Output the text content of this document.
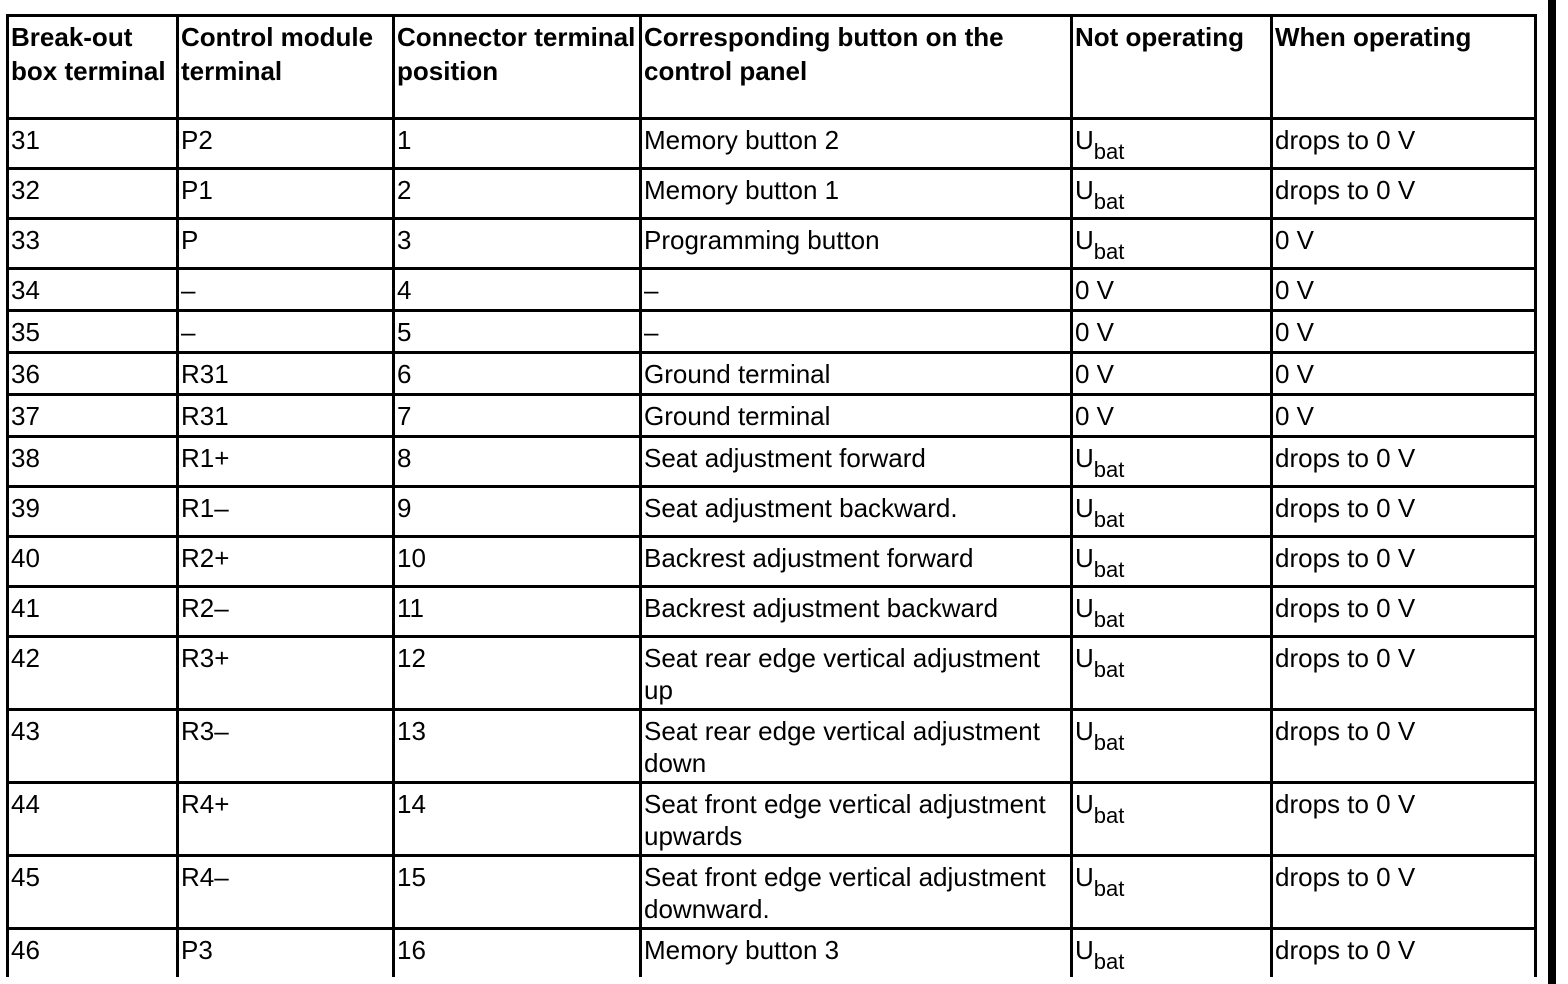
Break-out box terminal	Control module terminal	Connector terminal position	Corresponding button on the control panel	Not operating	When operating
31	P2	1	Memory button 2	$U_{bat}$	drops to 0 V
32	P1	2	Memory button 1	$U_{bat}$	drops to 0 V
33	P	3	Programming button	$U_{bat}$	0 V
34	–	4	–	0 V	0 V
35	–	5	–	0 V	0 V
36	R31	6	Ground terminal	0 V	0 V
37	R31	7	Ground terminal	0 V	0 V
38	R1+	8	Seat adjustment forward	$U_{bat}$	drops to 0 V
39	R1–	9	Seat adjustment backward.	$U_{bat}$	drops to 0 V
40	R2+	10	Backrest adjustment forward	$U_{bat}$	drops to 0 V
41	R2–	11	Backrest adjustment backward	$U_{bat}$	drops to 0 V
42	R3+	12	Seat rear edge vertical adjustment up	$U_{bat}$	drops to 0 V
43	R3–	13	Seat rear edge vertical adjustment down	$U_{bat}$	drops to 0 V
44	R4+	14	Seat front edge vertical adjustment upwards	$U_{bat}$	drops to 0 V
45	R4–	15	Seat front edge vertical adjustment downward.	$U_{bat}$	drops to 0 V
46	P3	16	Memory button 3	$U_{bat}$	drops to 0 V
